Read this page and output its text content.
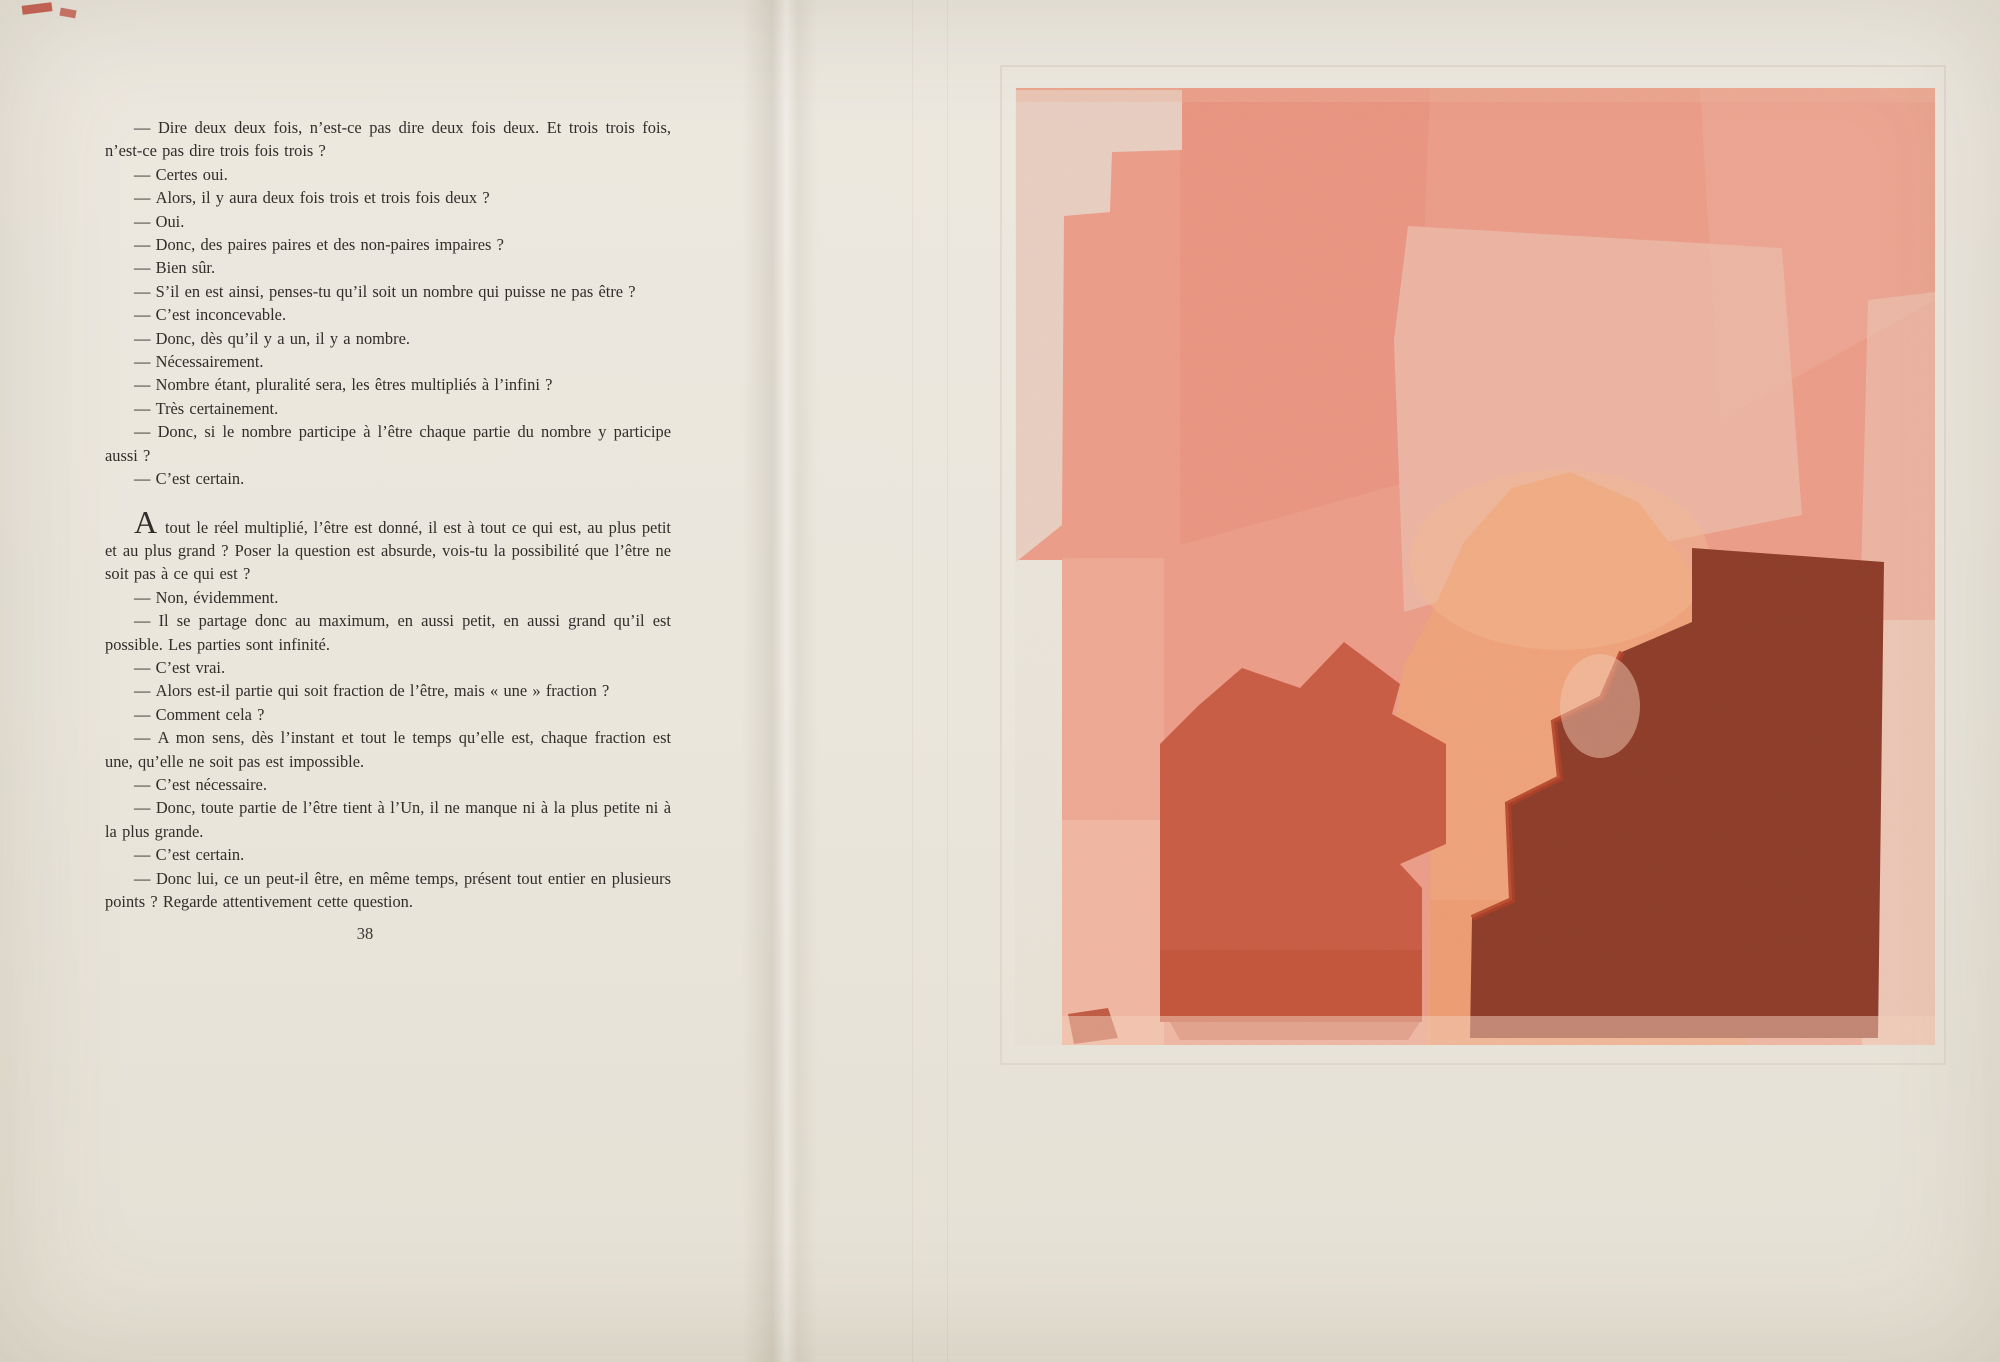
— Dire deux deux fois, n’est-ce pas dire deux fois deux. Et trois trois fois, n’est-ce pas dire trois fois trois ?

— Certes oui.

— Alors, il y aura deux fois trois et trois fois deux ?

— Oui.

— Donc, des paires paires et des non-paires impaires ?

— Bien sûr.

— S’il en est ainsi, penses-tu qu’il soit un nombre qui puisse ne pas être ?

— C’est inconcevable.

— Donc, dès qu’il y a un, il y a nombre.

— Nécessairement.

— Nombre étant, pluralité sera, les êtres multipliés à l’infini ?

— Très certainement.

— Donc, si le nombre participe à l’être chaque partie du nombre y participe aussi ?

— C’est certain.

A tout le réel multiplié, l’être est donné, il est à tout ce qui est, au plus petit et au plus grand ? Poser la question est absurde, vois-tu la possibilité que l’être ne soit pas à ce qui est ?

— Non, évidemment.

— Il se partage donc au maximum, en aussi petit, en aussi grand qu’il est possible. Les parties sont infinité.

— C’est vrai.

— Alors est-il partie qui soit fraction de l’être, mais « une » fraction ?

— Comment cela ?

— A mon sens, dès l’instant et tout le temps qu’elle est, chaque fraction est une, qu’elle ne soit pas est impossible.

— C’est nécessaire.

— Donc, toute partie de l’être tient à l’Un, il ne manque ni à la plus petite ni à la plus grande.

— C’est certain.

— Donc lui, ce un peut-il être, en même temps, présent tout entier en plusieurs points ? Regarde attentivement cette question.

38
